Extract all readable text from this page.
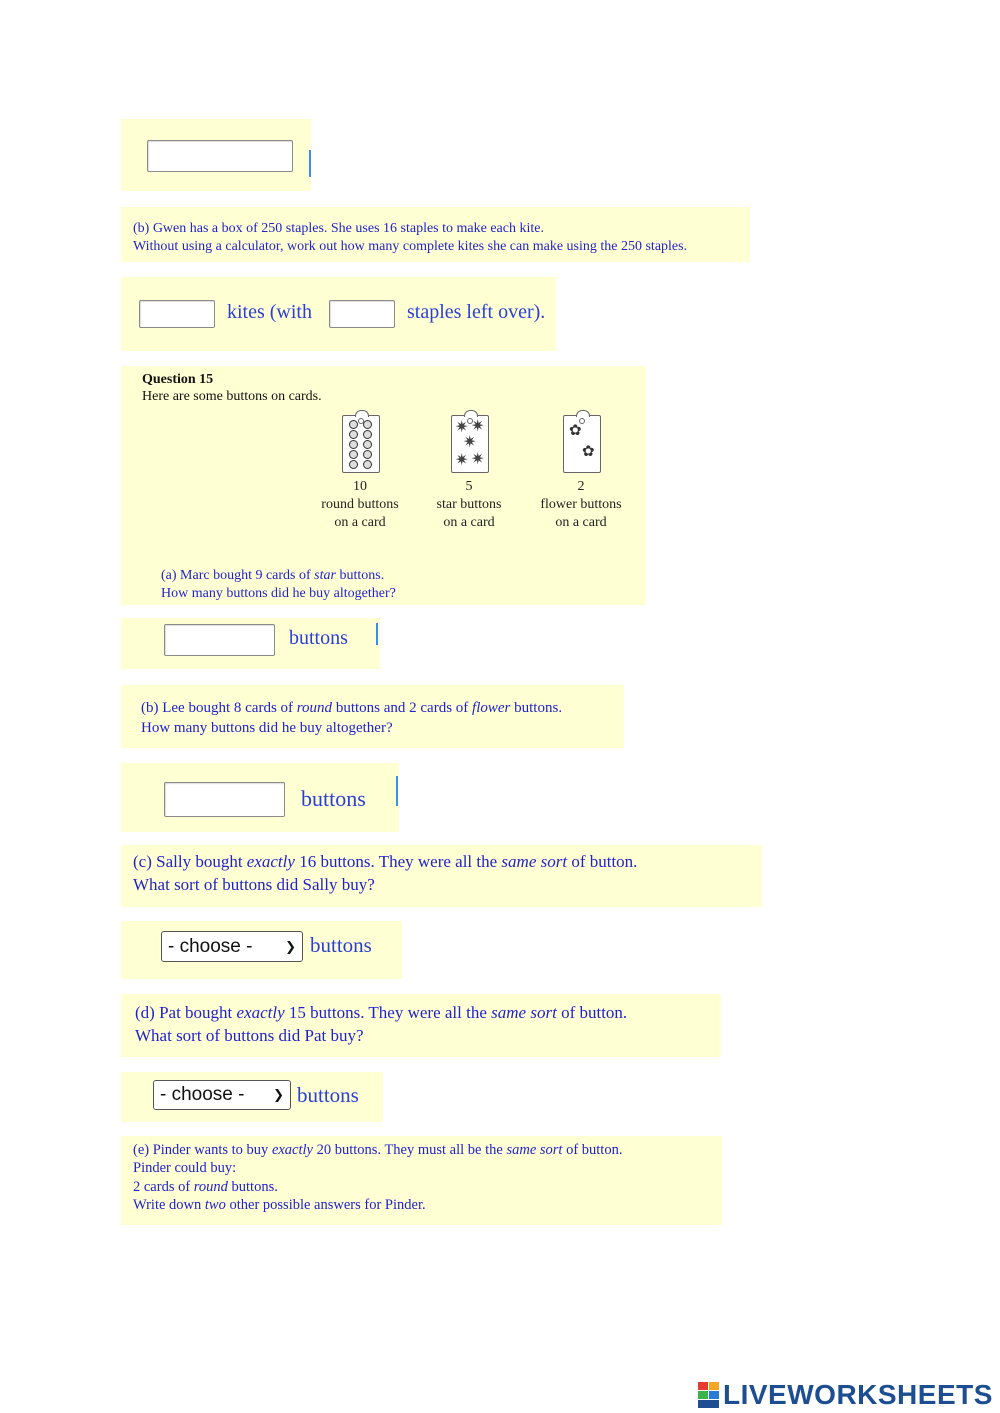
(b) Gwen has a box of 250 staples. She uses 16 staples to make each kite.
Without using a calculator, work out how many complete kites she can make using the 250 staples.
kites (with	staples left over).
Question 15
Here are some buttons on cards.
10
round buttons
on a card
✷ ✷
✷
✷ ✷
5
star buttons
on a card
✿
✿
2
flower buttons
on a card
(a) Marc bought 9 cards of star buttons.
How many buttons did he buy altogether?
buttons
(b) Lee bought 8 cards of round buttons and 2 cards of flower buttons.
How many buttons did he buy altogether?
buttons
(c) Sally bought exactly 16 buttons. They were all the same sort of button.
What sort of buttons did Sally buy?
- choose -	❯ buttons
(d) Pat bought exactly 15 buttons. They were all the same sort of button.
What sort of buttons did Pat buy?
- choose - ❯ buttons
(e) Pinder wants to buy exactly 20 buttons. They must all be the same sort of button.
Pinder could buy:
2 cards of round buttons.
Write down two other possible answers for Pinder.
LIVEWORKSHEETS
